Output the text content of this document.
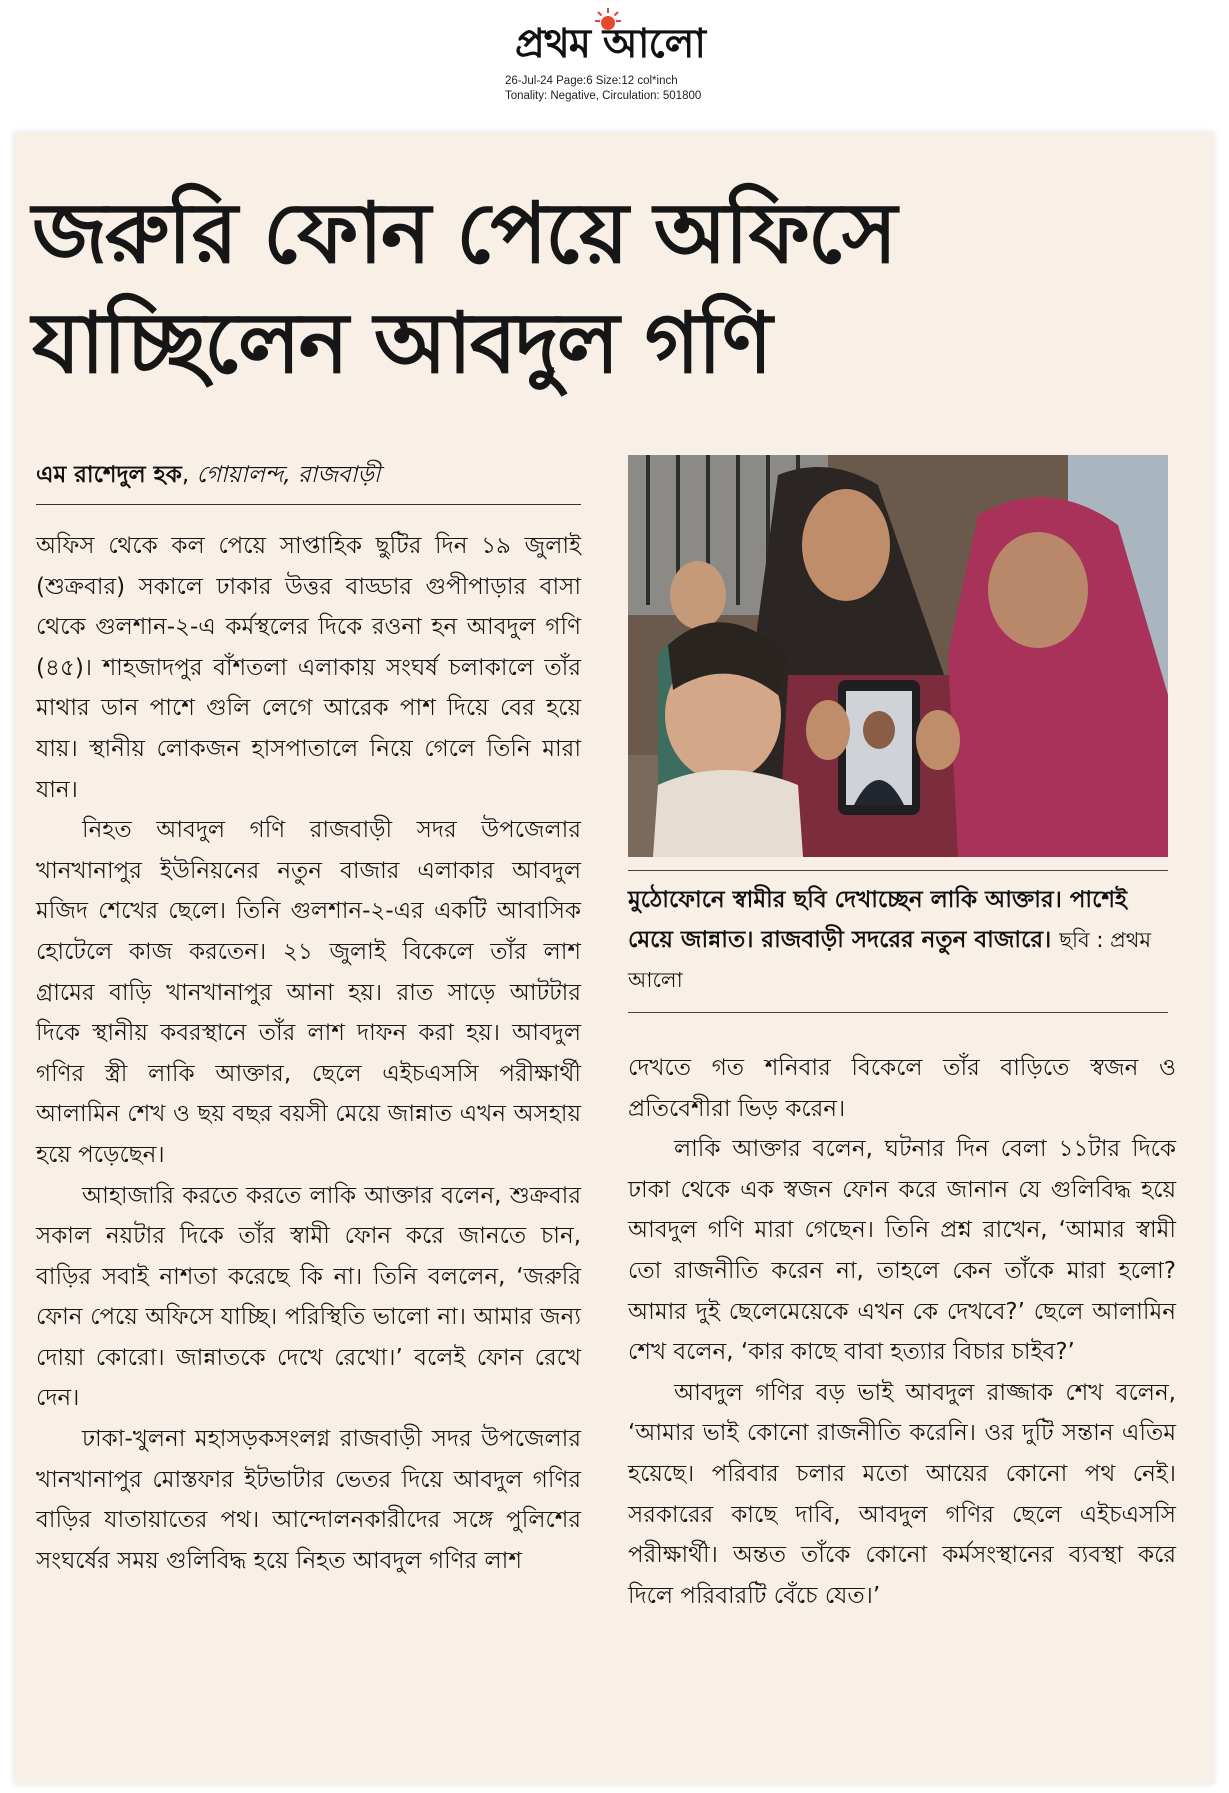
প্রথম আলো
26-Jul-24 Page:6 Size:12 col*inch
Tonality: Negative, Circulation: 501800
জরুরি ফোন পেয়ে অফিসে
যাচ্ছিলেন আবদুল গণি
এম রাশেদুল হক, গোয়ালন্দ, রাজবাড়ী

অফিস থেকে কল পেয়ে সাপ্তাহিক ছুটির দিন ১৯ জুলাই (শুক্রবার) সকালে ঢাকার উত্তর বাড্ডার গুপীপাড়ার বাসা থেকে গুলশান-২-এ কর্মস্থলের দিকে রওনা হন আবদুল গণি (৪৫)। শাহজাদপুর বাঁশতলা এলাকায় সংঘর্ষ চলাকালে তাঁর মাথার ডান পাশে গুলি লেগে আরেক পাশ দিয়ে বের হয়ে যায়। স্থানীয় লোকজন হাসপাতালে নিয়ে গেলে তিনি মারা যান।

নিহত আবদুল গণি রাজবাড়ী সদর উপজেলার খানখানাপুর ইউনিয়নের নতুন বাজার এলাকার আবদুল মজিদ শেখের ছেলে। তিনি গুলশান-২-এর একটি আবাসিক হোটেলে কাজ করতেন। ২১ জুলাই বিকেলে তাঁর লাশ গ্রামের বাড়ি খানখানাপুর আনা হয়। রাত সাড়ে আটটার দিকে স্থানীয় কবরস্থানে তাঁর লাশ দাফন করা হয়। আবদুল গণির স্ত্রী লাকি আক্তার, ছেলে এইচএসসি পরীক্ষার্থী আলামিন শেখ ও ছয় বছর বয়সী মেয়ে জান্নাত এখন অসহায় হয়ে পড়েছেন।

আহাজারি করতে করতে লাকি আক্তার বলেন, শুক্রবার সকাল নয়টার দিকে তাঁর স্বামী ফোন করে জানতে চান, বাড়ির সবাই নাশতা করেছে কি না। তিনি বললেন, ‘জরুরি ফোন পেয়ে অফিসে যাচ্ছি। পরিস্থিতি ভালো না। আমার জন্য দোয়া কোরো। জান্নাতকে দেখে রেখো।’ বলেই ফোন রেখে দেন।

ঢাকা-খুলনা মহাসড়কসংলগ্ন রাজবাড়ী সদর উপজেলার খানখানাপুর মোস্তফার ইটভাটার ভেতর দিয়ে আবদুল গণির বাড়ির যাতায়াতের পথ। আন্দোলনকারীদের সঙ্গে পুলিশের সংঘর্ষের সময় গুলিবিদ্ধ হয়ে নিহত আবদুল গণির লাশ

মুঠোফোনে স্বামীর ছবি দেখাচ্ছেন লাকি আক্তার। পাশেই মেয়ে জান্নাত। রাজবাড়ী সদরের নতুন বাজারে। ছবি : প্রথম আলো

দেখতে গত শনিবার বিকেলে তাঁর বাড়িতে স্বজন ও প্রতিবেশীরা ভিড় করেন।

লাকি আক্তার বলেন, ঘটনার দিন বেলা ১১টার দিকে ঢাকা থেকে এক স্বজন ফোন করে জানান যে গুলিবিদ্ধ হয়ে আবদুল গণি মারা গেছেন। তিনি প্রশ্ন রাখেন, ‘আমার স্বামী তো রাজনীতি করেন না, তাহলে কেন তাঁকে মারা হলো? আমার দুই ছেলেমেয়েকে এখন কে দেখবে?’ ছেলে আলামিন শেখ বলেন, ‘কার কাছে বাবা হত্যার বিচার চাইব?’

আবদুল গণির বড় ভাই আবদুল রাজ্জাক শেখ বলেন, ‘আমার ভাই কোনো রাজনীতি করেনি। ওর দুটি সন্তান এতিম হয়েছে। পরিবার চলার মতো আয়ের কোনো পথ নেই। সরকারের কাছে দাবি, আবদুল গণির ছেলে এইচএসসি পরীক্ষার্থী। অন্তত তাঁকে কোনো কর্মসংস্থানের ব্যবস্থা করে দিলে পরিবারটি বেঁচে যেত।’
